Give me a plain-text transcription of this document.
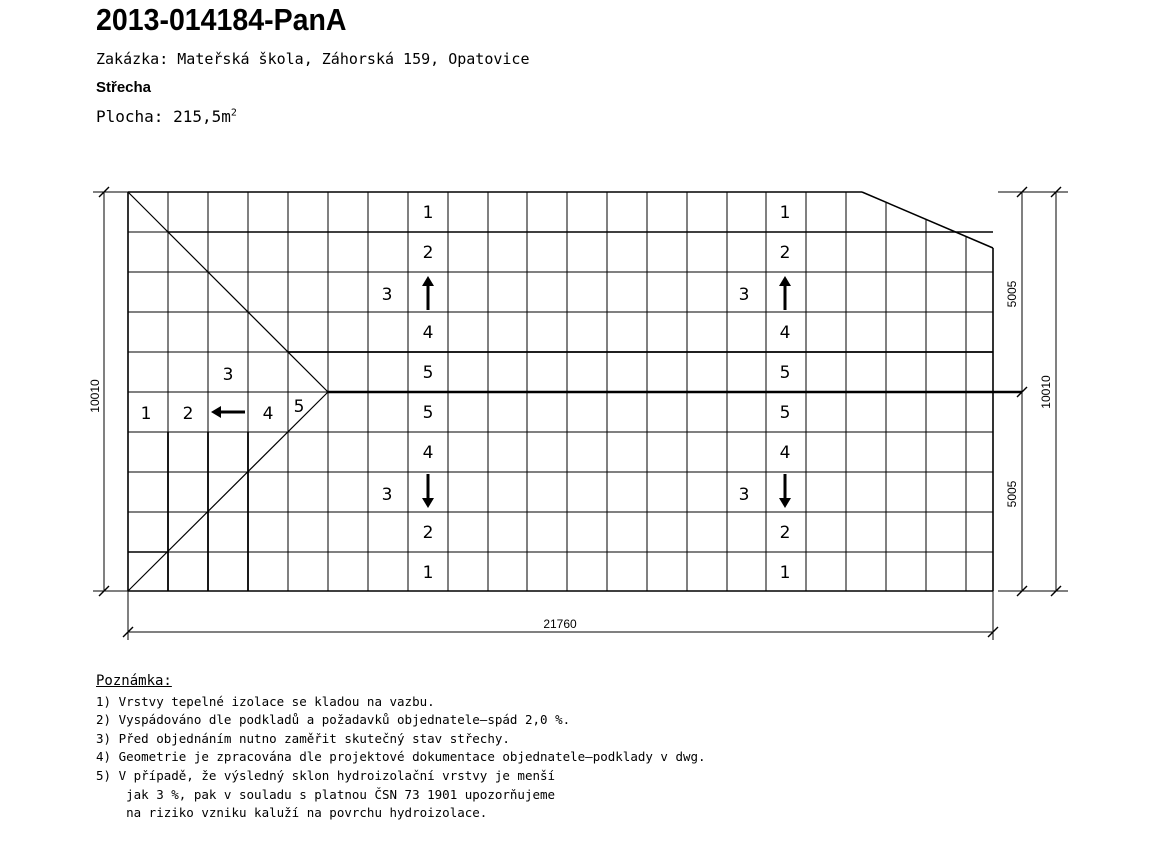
2013-014184-PanA
Zakázka: Mateřská škola, Záhorská 159, Opatovice
Střecha
Plocha: $215,5m^2$
21760
10010	10010
5005
5005
1
2
4
5
5
4
2
1
1
2
4
5
5
4
2
1
3
3
3
3
1 2	4 5
3
Poznámka:
1) Vrstvy tepelné izolace se kladou na vazbu.
2) Vyspádováno dle podkladů a požadavků objednatele–spád 2,0 %.
3) Před objednáním nutno zaměřit skutečný stav střechy.
4) Geometrie je zpracována dle projektové dokumentace objednatele–podklady v dwg.
5) V případě, že výsledný sklon hydroizolační vrstvy je menší
jak 3 %, pak v souladu s platnou ČSN 73 1901 upozorňujeme
na riziko vzniku kaluží na povrchu hydroizolace.
